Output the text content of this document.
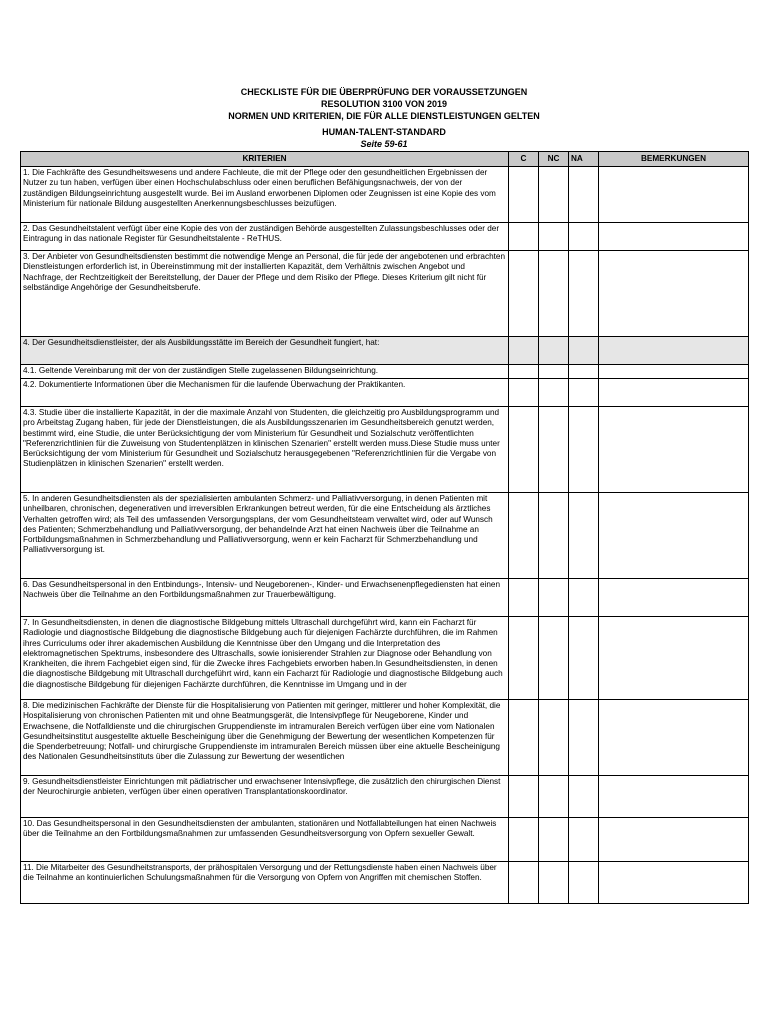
CHECKLISTE FÜR DIE ÜBERPRÜFUNG DER VORAUSSETZUNGEN
RESOLUTION 3100 VON 2019
NORMEN UND KRITERIEN, DIE FÜR ALLE DIENSTLEISTUNGEN GELTEN
HUMAN-TALENT-STANDARD
Seite 59-61
KRITERIEN	C	NC	NA	BEMERKUNGEN
1. Die Fachkräfte des Gesundheitswesens und andere Fachleute, die mit der Pflege oder den gesundheitlichen Ergebnissen der Nutzer zu tun haben, verfügen über einen Hochschulabschluss oder einen beruflichen Befähigungsnachweis, der von der zuständigen Bildungseinrichtung ausgestellt wurde. Bei im Ausland erworbenen Diplomen oder Zeugnissen ist eine Kopie des vom Ministerium für nationale Bildung ausgestellten Anerkennungsbeschlusses beizufügen.				
2. Das Gesundheitstalent verfügt über eine Kopie des von der zuständigen Behörde ausgestellten Zulassungsbeschlusses oder der Eintragung in das nationale Register für Gesundheitstalente - ReTHUS.				
3. Der Anbieter von Gesundheitsdiensten bestimmt die notwendige Menge an Personal, die für jede der angebotenen und erbrachten Dienstleistungen erforderlich ist, in Übereinstimmung mit der installierten Kapazität, dem Verhältnis zwischen Angebot und Nachfrage, der Rechtzeitigkeit der Bereitstellung, der Dauer der Pflege und dem Risiko der Pflege. Dieses Kriterium gilt nicht für selbständige Angehörige der Gesundheitsberufe.				
4. Der Gesundheitsdienstleister, der als Ausbildungsstätte im Bereich der Gesundheit fungiert, hat:				
4.1. Geltende Vereinbarung mit der von der zuständigen Stelle zugelassenen Bildungseinrichtung.				
4.2. Dokumentierte Informationen über die Mechanismen für die laufende Überwachung der Praktikanten.				
4.3. Studie über die installierte Kapazität, in der die maximale Anzahl von Studenten, die gleichzeitig pro Ausbildungsprogramm und pro Arbeitstag Zugang haben, für jede der Dienstleistungen, die als Ausbildungsszenarien im Gesundheitsbereich genutzt werden, bestimmt wird, eine Studie, die unter Berücksichtigung der vom Ministerium für Gesundheit und Sozialschutz veröffentlichten "Referenzrichtlinien für die Zuweisung von Studentenplätzen in klinischen Szenarien" erstellt werden muss.Diese Studie muss unter Berücksichtigung der vom Ministerium für Gesundheit und Sozialschutz herausgegebenen "Referenzrichtlinien für die Vergabe von Studienplätzen in klinischen Szenarien" erstellt werden.				
5. In anderen Gesundheitsdiensten als der spezialisierten ambulanten Schmerz- und Palliativversorgung, in denen Patienten mit unheilbaren, chronischen, degenerativen und irreversiblen Erkrankungen betreut werden, für die eine Entscheidung als ärztliches Verhalten getroffen wird; als Teil des umfassenden Versorgungsplans, der vom Gesundheitsteam verwaltet wird, oder auf Wunsch des Patienten; Schmerzbehandlung und Palliativversorgung, der behandelnde Arzt hat einen Nachweis über die Teilnahme an Fortbildungsmaßnahmen in Schmerzbehandlung und Palliativversorgung, wenn er kein Facharzt für Schmerzbehandlung und Palliativversorgung ist.				
6. Das Gesundheitspersonal in den Entbindungs-, Intensiv- und Neugeborenen-, Kinder- und Erwachsenenpflegediensten hat einen Nachweis über die Teilnahme an den Fortbildungsmaßnahmen zur Trauerbewältigung.				

7. In Gesundheitsdiensten, in denen die diagnostische Bildgebung mittels Ultraschall durchgeführt wird, kann ein Facharzt für Radiologie und diagnostische Bildgebung die diagnostische Bildgebung auch für diejenigen Fachärzte durchführen, die im Rahmen ihres Curriculums oder ihrer akademischen Ausbildung die Kenntnisse über den Umgang und die Interpretation des elektromagnetischen Spektrums, insbesondere des Ultraschalls, sowie ionisierender Strahlen zur Diagnose oder Behandlung von Krankheiten, die ihrem Fachgebiet eigen sind, für die Zwecke ihres Fachgebiets erworben haben.In Gesundheitsdiensten, in denen die diagnostische Bildgebung mit Ultraschall durchgeführt wird, kann ein Facharzt für Radiologie und diagnostische Bildgebung auch die diagnostische Bildgebung für diejenigen Fachärzte durchführen, die Kenntnisse im Umgang und in der				

8. Die medizinischen Fachkräfte der Dienste für die Hospitalisierung von Patienten mit geringer, mittlerer und hoher Komplexität, die Hospitalisierung von chronischen Patienten mit und ohne Beatmungsgerät, die Intensivpflege für Neugeborene, Kinder und Erwachsene, die Notfalldienste und die chirurgischen Gruppendienste im intramuralen Bereich verfügen über eine vom Nationalen Gesundheitsinstitut ausgestellte aktuelle Bescheinigung über die Genehmigung der Bewertung der wesentlichen Kompetenzen für die Spenderbetreuung; Notfall- und chirurgische Gruppendienste im intramuralen Bereich müssen über eine aktuelle Bescheinigung des Nationalen Gesundheitsinstituts über die Zulassung zur Bewertung der wesentlichen				

9. Gesundheitsdienstleister Einrichtungen mit pädiatrischer und erwachsener Intensivpflege, die zusätzlich den chirurgischen Dienst der Neurochirurgie anbieten, verfügen über einen operativen Transplantationskoordinator.				
10. Das Gesundheitspersonal in den Gesundheitsdiensten der ambulanten, stationären und Notfallabteilungen hat einen Nachweis über die Teilnahme an den Fortbildungsmaßnahmen zur umfassenden Gesundheitsversorgung von Opfern sexueller Gewalt.				
11. Die Mitarbeiter des Gesundheitstransports, der prähospitalen Versorgung und der Rettungsdienste haben einen Nachweis über die Teilnahme an kontinuierlichen Schulungsmaßnahmen für die Versorgung von Opfern von Angriffen mit chemischen Stoffen.				
